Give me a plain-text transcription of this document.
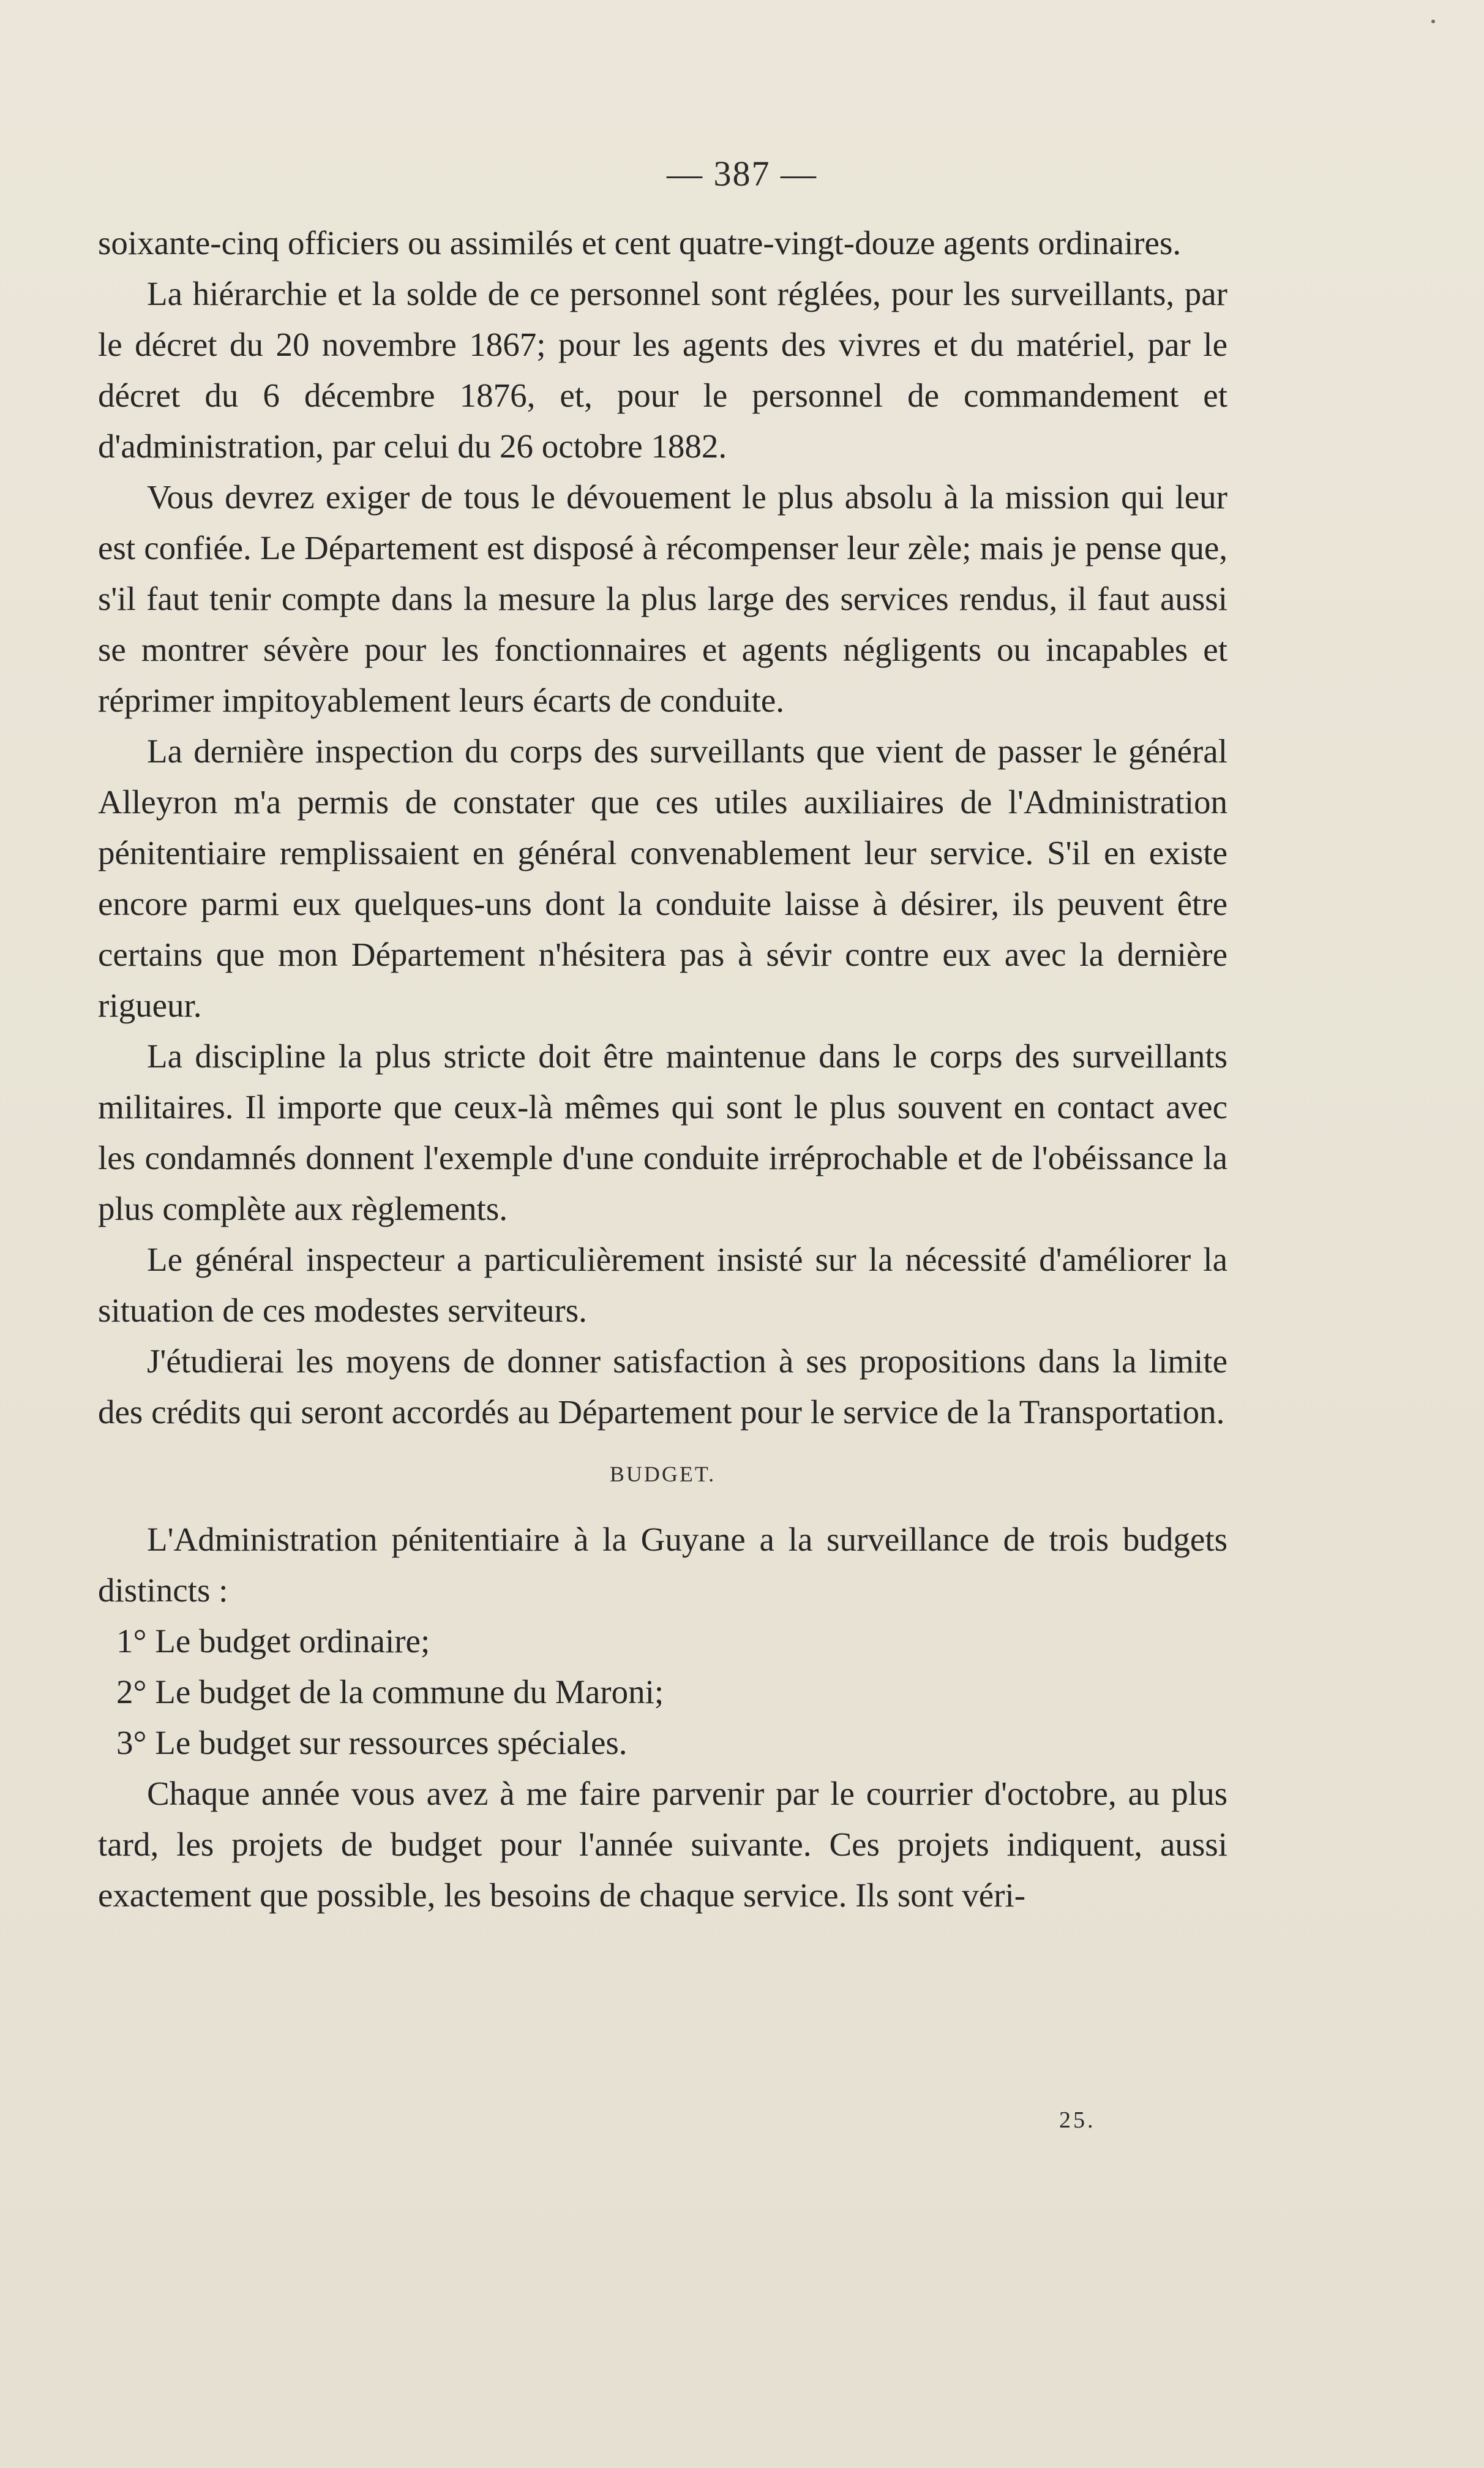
— 387 —

soixante-cinq officiers ou assimilés et cent quatre-vingt-douze agents ordinaires.

La hiérarchie et la solde de ce personnel sont réglées, pour les surveillants, par le décret du 20 novembre 1867; pour les agents des vivres et du matériel, par le décret du 6 décembre 1876, et, pour le personnel de commandement et d'administration, par celui du 26 octobre 1882.

Vous devrez exiger de tous le dévouement le plus absolu à la mission qui leur est confiée. Le Département est disposé à récompenser leur zèle; mais je pense que, s'il faut tenir compte dans la mesure la plus large des services rendus, il faut aussi se montrer sévère pour les fonctionnaires et agents négligents ou incapables et réprimer impitoyablement leurs écarts de conduite.

La dernière inspection du corps des surveillants que vient de passer le général Alleyron m'a permis de constater que ces utiles auxiliaires de l'Administration pénitentiaire remplissaient en général convenablement leur service. S'il en existe encore parmi eux quelques-uns dont la conduite laisse à désirer, ils peuvent être certains que mon Département n'hésitera pas à sévir contre eux avec la dernière rigueur.

La discipline la plus stricte doit être maintenue dans le corps des surveillants militaires. Il importe que ceux-là mêmes qui sont le plus souvent en contact avec les condamnés donnent l'exemple d'une conduite irréprochable et de l'obéissance la plus complète aux règlements.

Le général inspecteur a particulièrement insisté sur la nécessité d'améliorer la situation de ces modestes serviteurs.

J'étudierai les moyens de donner satisfaction à ses propositions dans la limite des crédits qui seront accordés au Département pour le service de la Transportation.

BUDGET.

L'Administration pénitentiaire à la Guyane a la surveillance de trois budgets distincts :

1° Le budget ordinaire;

2° Le budget de la commune du Maroni;

3° Le budget sur ressources spéciales.

Chaque année vous avez à me faire parvenir par le courrier d'octobre, au plus tard, les projets de budget pour l'année suivante. Ces projets indiquent, aussi exactement que possible, les besoins de chaque service. Ils sont véri-

25.
